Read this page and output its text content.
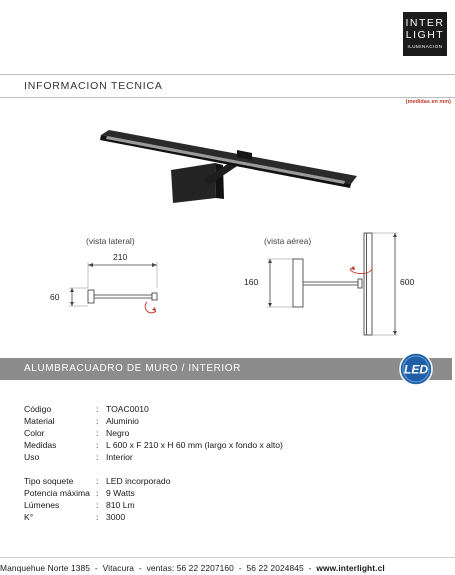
INTER
LIGHT
ILUMINACION
INFORMACION TECNICA
(medidas en mm)
(vista lateral)	(vista aérea)
210
60
160	600
ALUMBRACUADRO DE MURO / INTERIOR	LED
Código	: TOAC0010
Material	: Aluminio
Color	: Negro
Medidas	: L 600 x F 210 x H 60 mm (largo x fondo x alto)
Uso	: Interior
Tipo soquete	: LED incorporado
Potencia máxima : 9 Watts
Lúmenes	: 810 Lm
K°	: 3000
Manquehue Norte 1385 - Vitacura - ventas: 56 22 2207160 - 56 22 2024845 - www.interlight.cl
